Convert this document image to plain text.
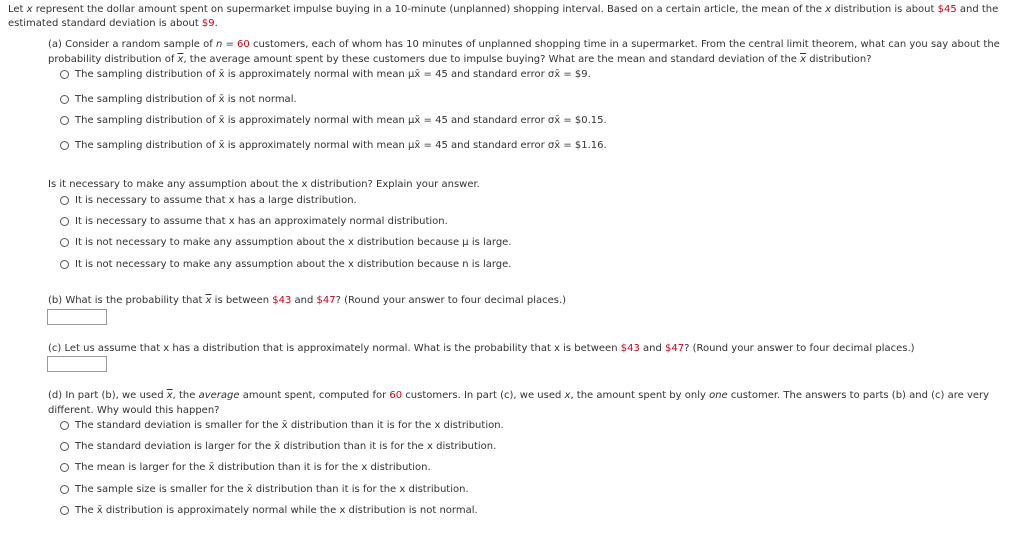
Let x represent the dollar amount spent on supermarket impulse buying in a 10-minute (unplanned) shopping interval. Based on a certain article, the mean of the x distribution is about $45 and the
estimated standard deviation is about $9.
(a) Consider a random sample of n = 60 customers, each of whom has 10 minutes of unplanned shopping time in a supermarket. From the central limit theorem, what can you say about the
probability distribution of $\overline{x}$, the average amount spent by these customers due to impulse buying? What are the mean and standard deviation of the $\overline{x}$ distribution?
The sampling distribution of x̄ is approximately normal with mean μx̄ = 45 and standard error σx̄ = $9.
The sampling distribution of x̄ is not normal.
The sampling distribution of x̄ is approximately normal with mean μx̄ = 45 and standard error σx̄ = $0.15.
The sampling distribution of x̄ is approximately normal with mean μx̄ = 45 and standard error σx̄ = $1.16.
Is it necessary to make any assumption about the x distribution? Explain your answer.
It is necessary to assume that x has a large distribution.
It is necessary to assume that x has an approximately normal distribution.
It is not necessary to make any assumption about the x distribution because μ is large.
It is not necessary to make any assumption about the x distribution because n is large.
(b) What is the probability that $\overline{x}$ is between $43 and $47? (Round your answer to four decimal places.)
(c) Let us assume that x has a distribution that is approximately normal. What is the probability that x is between $43 and $47? (Round your answer to four decimal places.)
(d) In part (b), we used $\overline{x}$, the average amount spent, computed for 60 customers. In part (c), we used x, the amount spent by only one customer. The answers to parts (b) and (c) are very
different. Why would this happen?
The standard deviation is smaller for the x̄ distribution than it is for the x distribution.
The standard deviation is larger for the x̄ distribution than it is for the x distribution.
The mean is larger for the x̄ distribution than it is for the x distribution.
The sample size is smaller for the x̄ distribution than it is for the x distribution.
The x̄ distribution is approximately normal while the x distribution is not normal.
